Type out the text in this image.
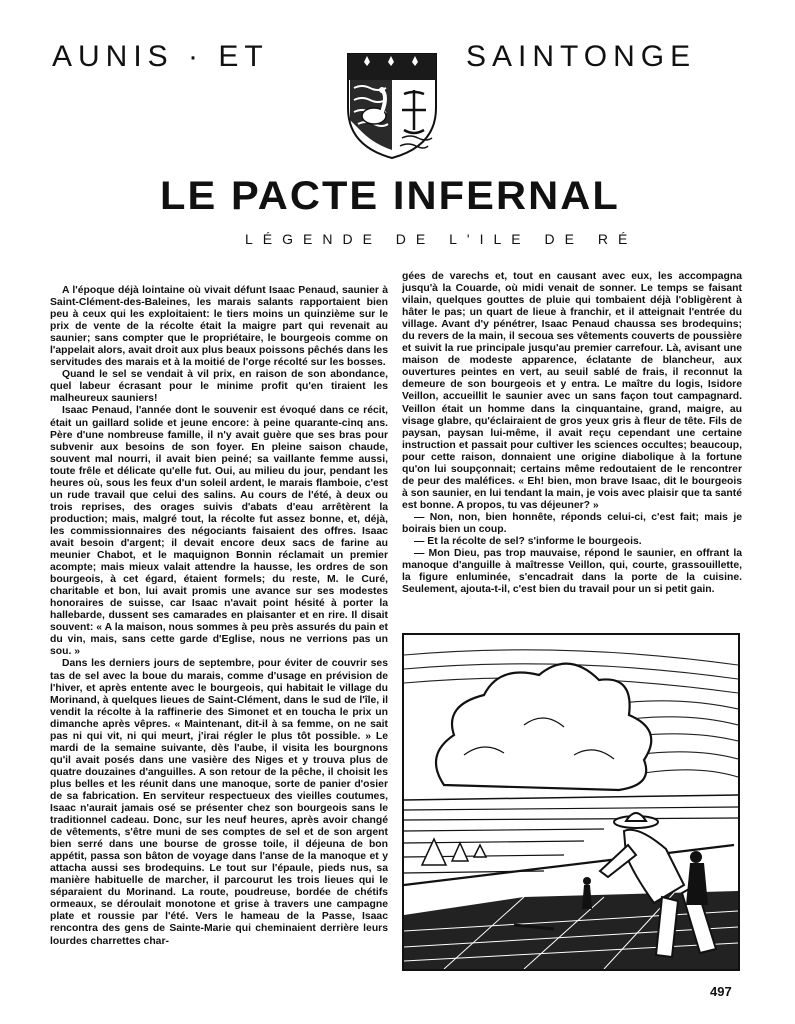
AUNIS · ET	SAINTONGE
LE PACTE INFERNAL
LÉGENDE DE L'ILE DE RÉ

A l'époque déjà lointaine où vivait défunt Isaac Penaud, saunier à Saint-Clément-des-Baleines, les marais salants rapportaient bien peu à ceux qui les exploitaient: le tiers moins un quinzième sur le prix de vente de la récolte était la maigre part qui revenait au saunier; sans compter que le propriétaire, le bourgeois comme on l'appelait alors, avait droit aux plus beaux poissons pêchés dans les servitudes des marais et à la moitié de l'orge récolté sur les bosses.

Quand le sel se vendait à vil prix, en raison de son abondance, quel labeur écrasant pour le minime profit qu'en tiraient les malheureux sauniers!

Isaac Penaud, l'année dont le souvenir est évoqué dans ce récit, était un gaillard solide et jeune encore: à peine quarante-cinq ans. Père d'une nombreuse famille, il n'y avait guère que ses bras pour subvenir aux besoins de son foyer. En pleine saison chaude, souvent mal nourri, il avait bien peiné; sa vaillante femme aussi, toute frêle et délicate qu'elle fut. Oui, au milieu du jour, pendant les heures où, sous les feux d'un soleil ardent, le marais flamboie, c'est un rude travail que celui des salins. Au cours de l'été, à deux ou trois reprises, des orages suivis d'abats d'eau arrêtèrent la production; mais, malgré tout, la récolte fut assez bonne, et, déjà, les commissionnaires des négociants faisaient des offres. Isaac avait besoin d'argent; il devait encore deux sacs de farine au meunier Chabot, et le maquignon Bonnin réclamait un premier acompte; mais mieux valait attendre la hausse, les ordres de son bourgeois, à cet égard, étaient formels; du reste, M. le Curé, charitable et bon, lui avait promis une avance sur ses modestes honoraires de suisse, car Isaac n'avait point hésité à porter la hallebarde, dussent ses camarades en plaisanter et en rire. Il disait souvent: « A la maison, nous sommes à peu près assurés du pain et du vin, mais, sans cette garde d'Eglise, nous ne verrions pas un sou. »

Dans les derniers jours de septembre, pour éviter de couvrir ses tas de sel avec la boue du marais, comme d'usage en prévision de l'hiver, et après entente avec le bourgeois, qui habitait le village du Morinand, à quelques lieues de Saint-Clément, dans le sud de l'île, il vendit la récolte à la raffinerie des Simonet et en toucha le prix un dimanche après vêpres. « Maintenant, dit-il à sa femme, on ne sait pas ni qui vit, ni qui meurt, j'irai régler le plus tôt possible. » Le mardi de la semaine suivante, dès l'aube, il visita les bourgnons qu'il avait posés dans une vasière des Niges et y trouva plus de quatre douzaines d'anguilles. A son retour de la pêche, il choisit les plus belles et les réunit dans une manoque, sorte de panier d'osier de sa fabrication. En serviteur respectueux des vieilles coutumes, Isaac n'aurait jamais osé se présenter chez son bourgeois sans le traditionnel cadeau. Donc, sur les neuf heures, après avoir changé de vêtements, s'être muni de ses comptes de sel et de son argent bien serré dans une bourse de grosse toile, il déjeuna de bon appétit, passa son bâton de voyage dans l'anse de la manoque et y attacha aussi ses brodequins. Le tout sur l'épaule, pieds nus, sa manière habituelle de marcher, il parcourut les trois lieues qui le séparaient du Morinand. La route, poudreuse, bordée de chétifs ormeaux, se déroulait monotone et grise à travers une campagne plate et roussie par l'été. Vers le hameau de la Passe, Isaac rencontra des gens de Sainte-Marie qui cheminaient derrière leurs lourdes charrettes char-

gées de varechs et, tout en causant avec eux, les accompagna jusqu'à la Couarde, où midi venait de sonner. Le temps se faisant vilain, quelques gouttes de pluie qui tombaient déjà l'obligèrent à hâter le pas; un quart de lieue à franchir, et il atteignait l'entrée du village. Avant d'y pénétrer, Isaac Penaud chaussa ses brodequins; du revers de la main, il secoua ses vêtements couverts de poussière et suivit la rue principale jusqu'au premier carrefour. Là, avisant une maison de modeste apparence, éclatante de blancheur, aux ouvertures peintes en vert, au seuil sablé de frais, il reconnut la demeure de son bourgeois et y entra. Le maître du logis, Isidore Veillon, accueillit le saunier avec un sans façon tout campagnard. Veillon était un homme dans la cinquantaine, grand, maigre, au visage glabre, qu'éclairaient de gros yeux gris à fleur de tête. Fils de paysan, paysan lui-même, il avait reçu cependant une certaine instruction et passait pour cultiver les sciences occultes; beaucoup, pour cette raison, donnaient une origine diabolique à la fortune qu'on lui soupçonnait; certains même redoutaient de le rencontrer de peur des maléfices. « Eh! bien, mon brave Isaac, dit le bourgeois à son saunier, en lui tendant la main, je vois avec plaisir que ta santé est bonne. A propos, tu vas déjeuner? »

— Non, non, bien honnête, réponds celui-ci, c'est fait; mais je boirais bien un coup.

— Et la récolte de sel? s'informe le bourgeois.

— Mon Dieu, pas trop mauvaise, répond le saunier, en offrant la manoque d'anguille à maîtresse Veillon, qui, courte, grassouillette, la figure enluminée, s'encadrait dans la porte de la cuisine. Seulement, ajouta-t-il, c'est bien du travail pour un si petit gain.

497
